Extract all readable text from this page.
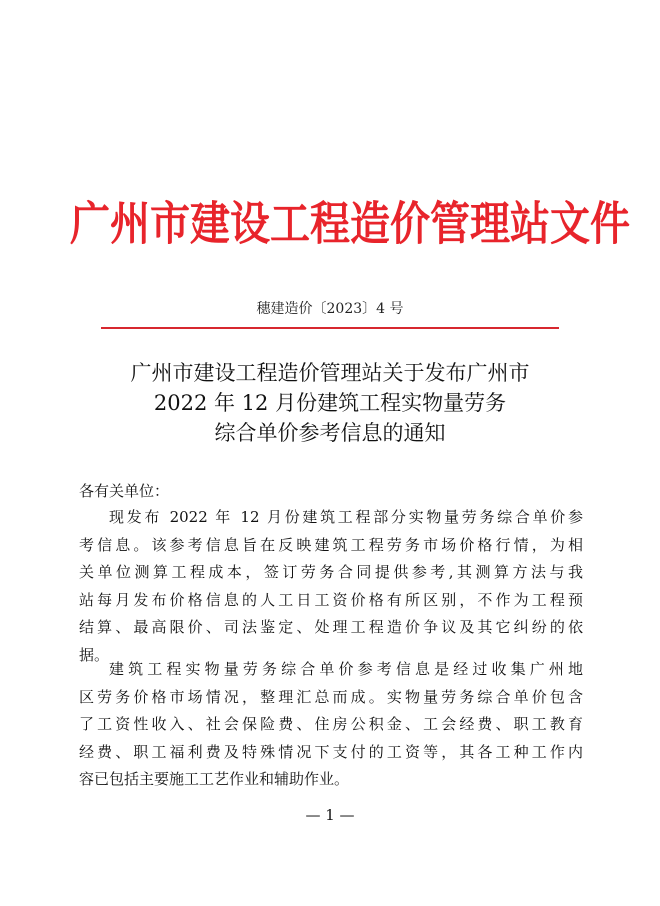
广州市建设工程造价管理站文件
穗建造价〔2023〕4 号
广州市建设工程造价管理站关于发布广州市
2022 年 12 月份建筑工程实物量劳务
综合单价参考信息的通知
各有关单位：
现发布 2022 年 12 月份建筑工程部分实物量劳务综合单价参
考信息。该参考信息旨在反映建筑工程劳务市场价格行情，为相
关单位测算工程成本，签订劳务合同提供参考,其测算方法与我
站每月发布价格信息的人工日工资价格有所区别，不作为工程预
结算、最高限价、司法鉴定、处理工程造价争议及其它纠纷的依
据。
建筑工程实物量劳务综合单价参考信息是经过收集广州地
区劳务价格市场情况，整理汇总而成。实物量劳务综合单价包含
了工资性收入、社会保险费、住房公积金、工会经费、职工教育
经费、职工福利费及特殊情况下支付的工资等，其各工种工作内
容已包括主要施工工艺作业和辅助作业。
— 1 —
